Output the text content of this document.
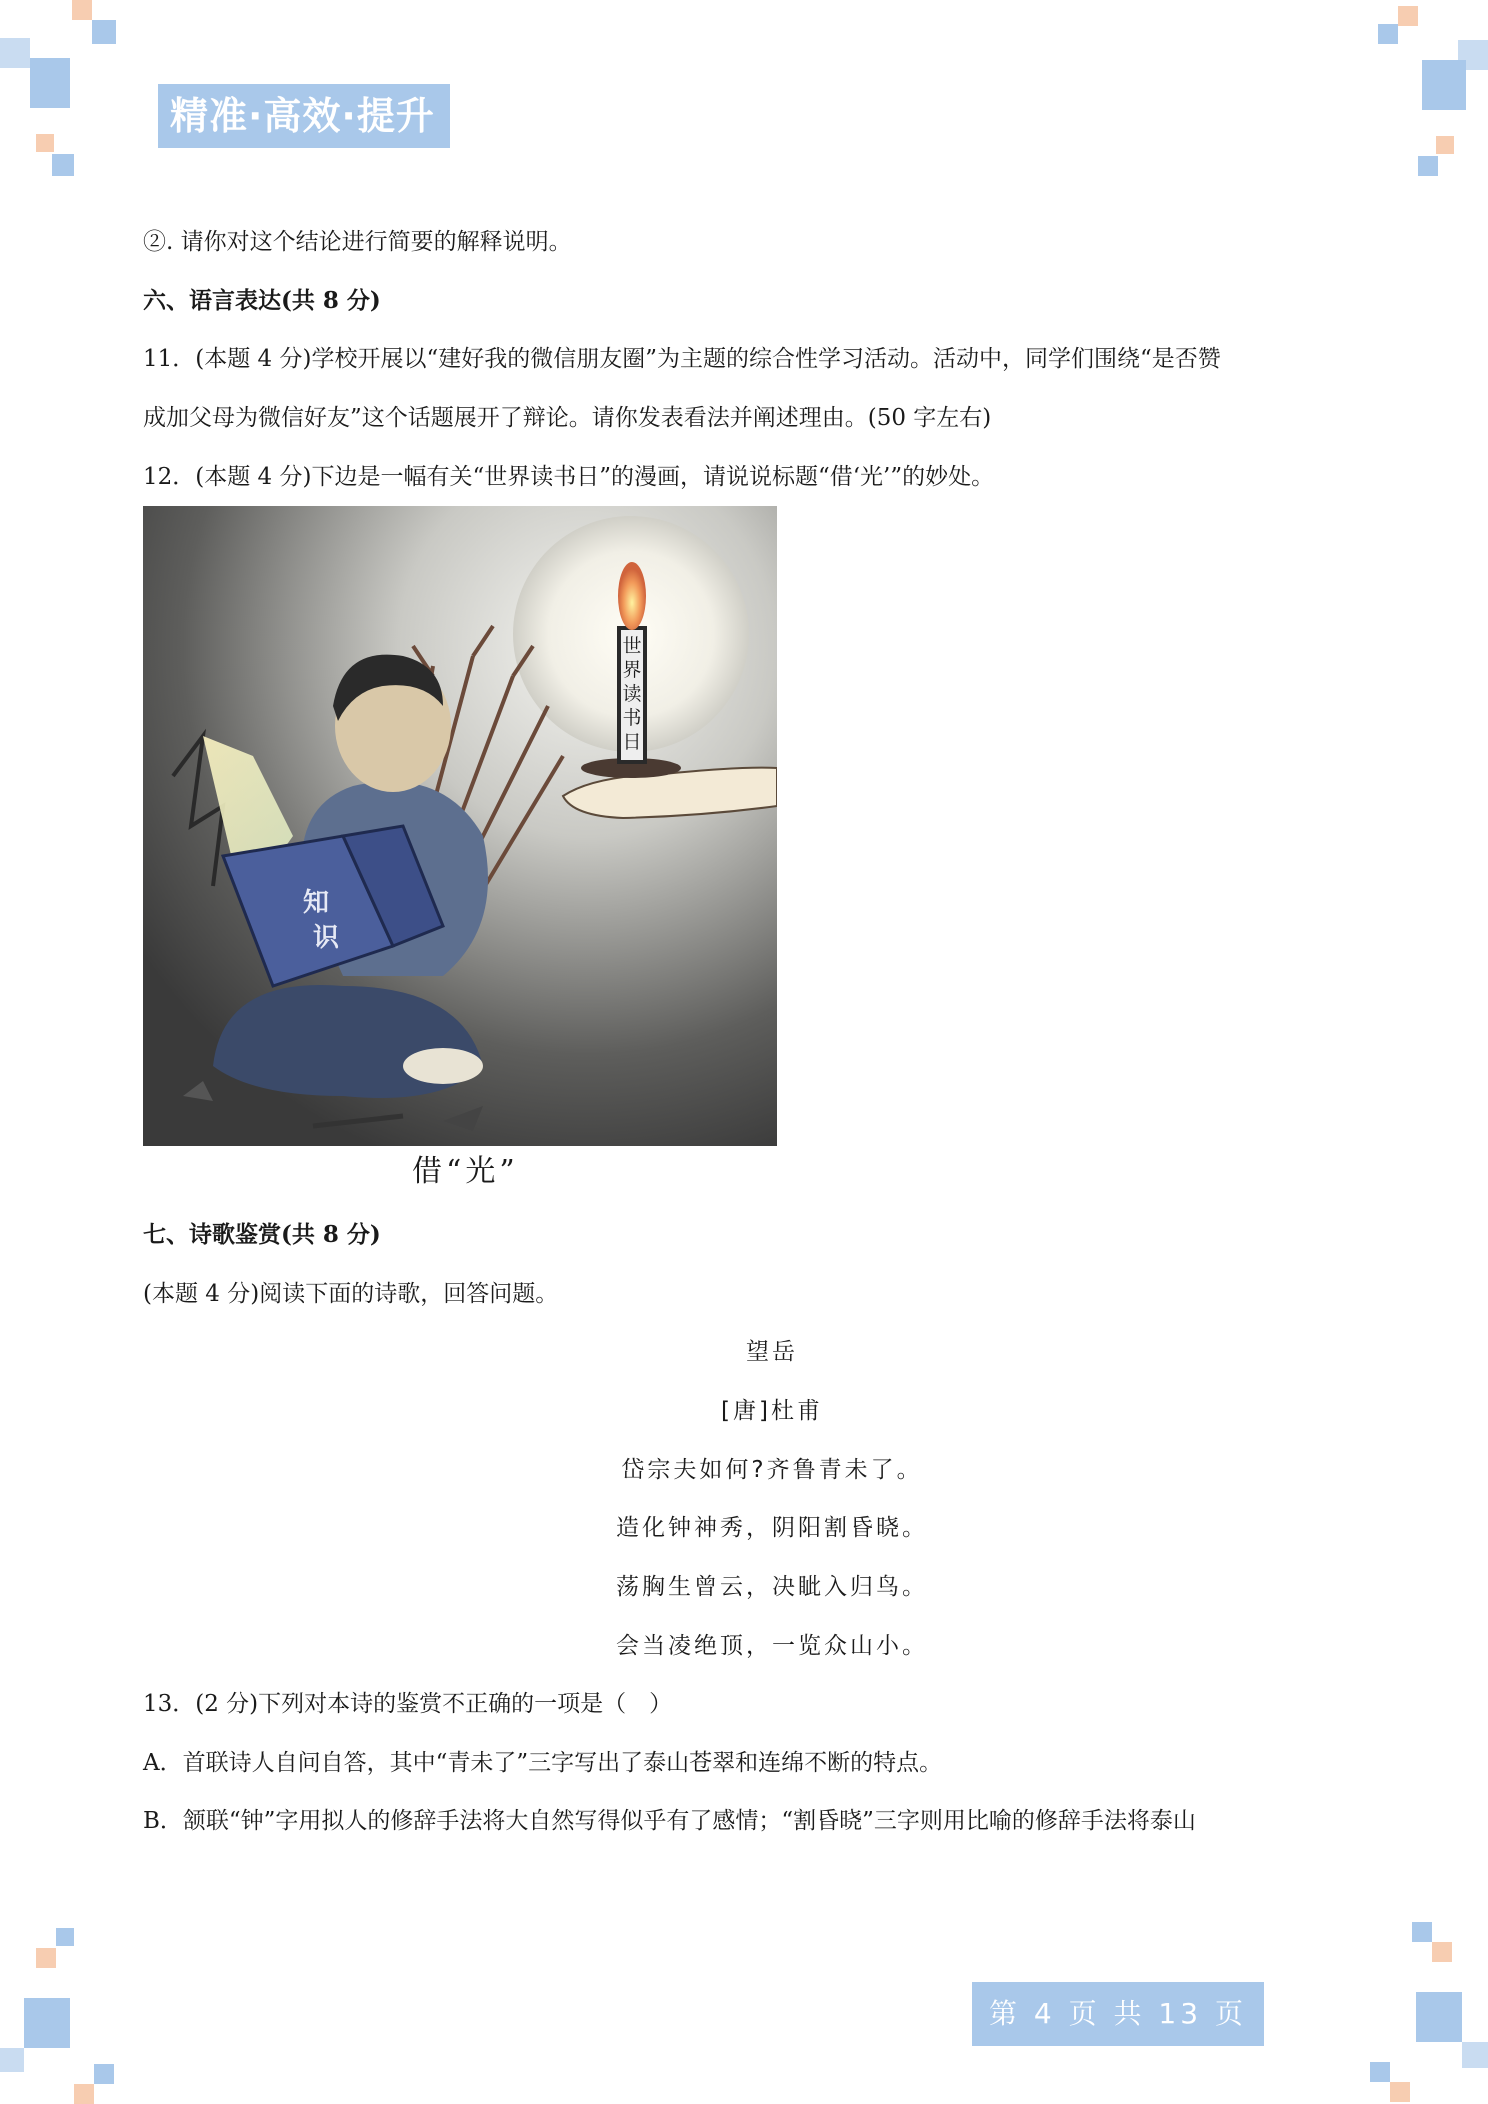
精准·高效·提升
②. 请你对这个结论进行简要的解释说明。
六、语言表达(共 8 分)
11．(本题 4 分)学校开展以“建好我的微信朋友圈”为主题的综合性学习活动。活动中，同学们围绕“是否赞
成加父母为微信好友”这个话题展开了辩论。请你发表看法并阐述理由。(50 字左右)
12．(本题 4 分)下边是一幅有关“世界读书日”的漫画，请说说标题“借‘光’”的妙处。
知
识
世
界
读
书
日
借“光”
七、诗歌鉴赏(共 8 分)
(本题 4 分)阅读下面的诗歌，回答问题。
望岳
[唐]杜甫
岱宗夫如何?齐鲁青未了。
造化钟神秀，阴阳割昏晓。
荡胸生曾云，决眦入归鸟。
会当凌绝顶，一览众山小。
13．(2 分)下列对本诗的鉴赏不正确的一项是（　）
A．首联诗人自问自答，其中“青未了”三字写出了泰山苍翠和连绵不断的特点。
B．颔联“钟”字用拟人的修辞手法将大自然写得似乎有了感情；“割昏晓”三字则用比喻的修辞手法将泰山
第 4 页 共 13 页
